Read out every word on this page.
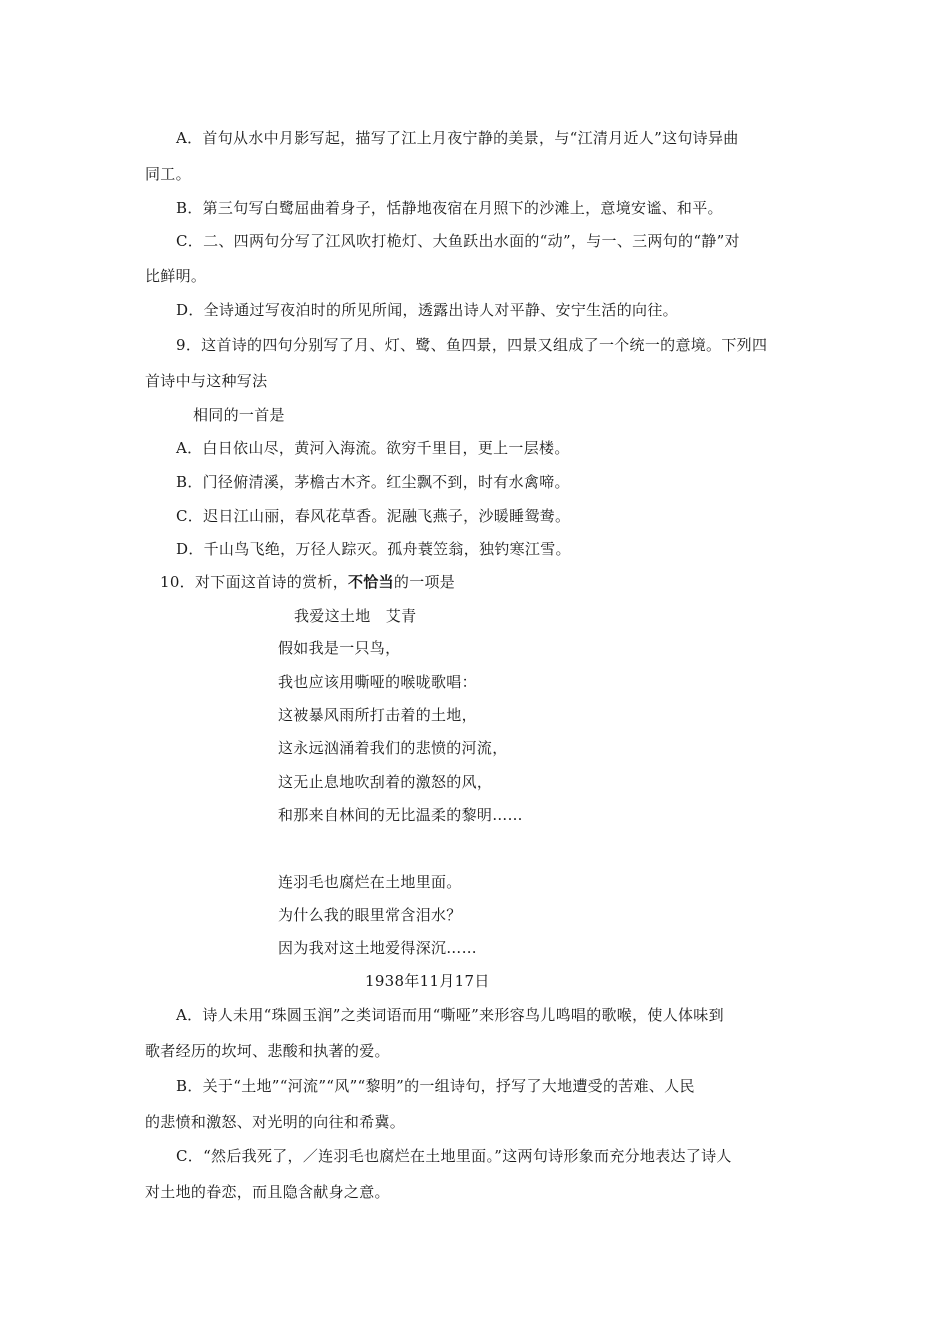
A．首句从水中月影写起，描写了江上月夜宁静的美景，与“江清月近人”这句诗异曲
同工。
B．第三句写白鹭屈曲着身子，恬静地夜宿在月照下的沙滩上，意境安谧、和平。
C．二、四两句分写了江风吹打桅灯、大鱼跃出水面的“动”，与一、三两句的“静”对
比鲜明。
D．全诗通过写夜泊时的所见所闻，透露出诗人对平静、安宁生活的向往。
9．这首诗的四句分别写了月、灯、鹭、鱼四景，四景又组成了一个统一的意境。下列四
首诗中与这种写法
相同的一首是
A．白日依山尽，黄河入海流。欲穷千里目，更上一层楼。
B．门径俯清溪，茅檐古木齐。红尘飘不到，时有水禽啼。
C．迟日江山丽，春风花草香。泥融飞燕子，沙暖睡鸳鸯。
D．千山鸟飞绝，万径人踪灭。孤舟蓑笠翁，独钓寒江雪。
10．对下面这首诗的赏析，不恰当的一项是
我爱这土地　艾青
假如我是一只鸟，
我也应该用嘶哑的喉咙歌唱：
这被暴风雨所打击着的土地，
这永远汹涌着我们的悲愤的河流，
这无止息地吹刮着的激怒的风，
和那来自林间的无比温柔的黎明……
连羽毛也腐烂在土地里面。
为什么我的眼里常含泪水？
因为我对这土地爱得深沉……
1938年11月17日
A．诗人未用“珠圆玉润”之类词语而用“嘶哑”来形容鸟儿鸣唱的歌喉，使人体味到
歌者经历的坎坷、悲酸和执著的爱。
B．关于“土地”“河流”“风”“黎明”的一组诗句，抒写了大地遭受的苦难、人民
的悲愤和激怒、对光明的向往和希冀。
C．“然后我死了，／连羽毛也腐烂在土地里面。”这两句诗形象而充分地表达了诗人
对土地的眷恋，而且隐含献身之意。
